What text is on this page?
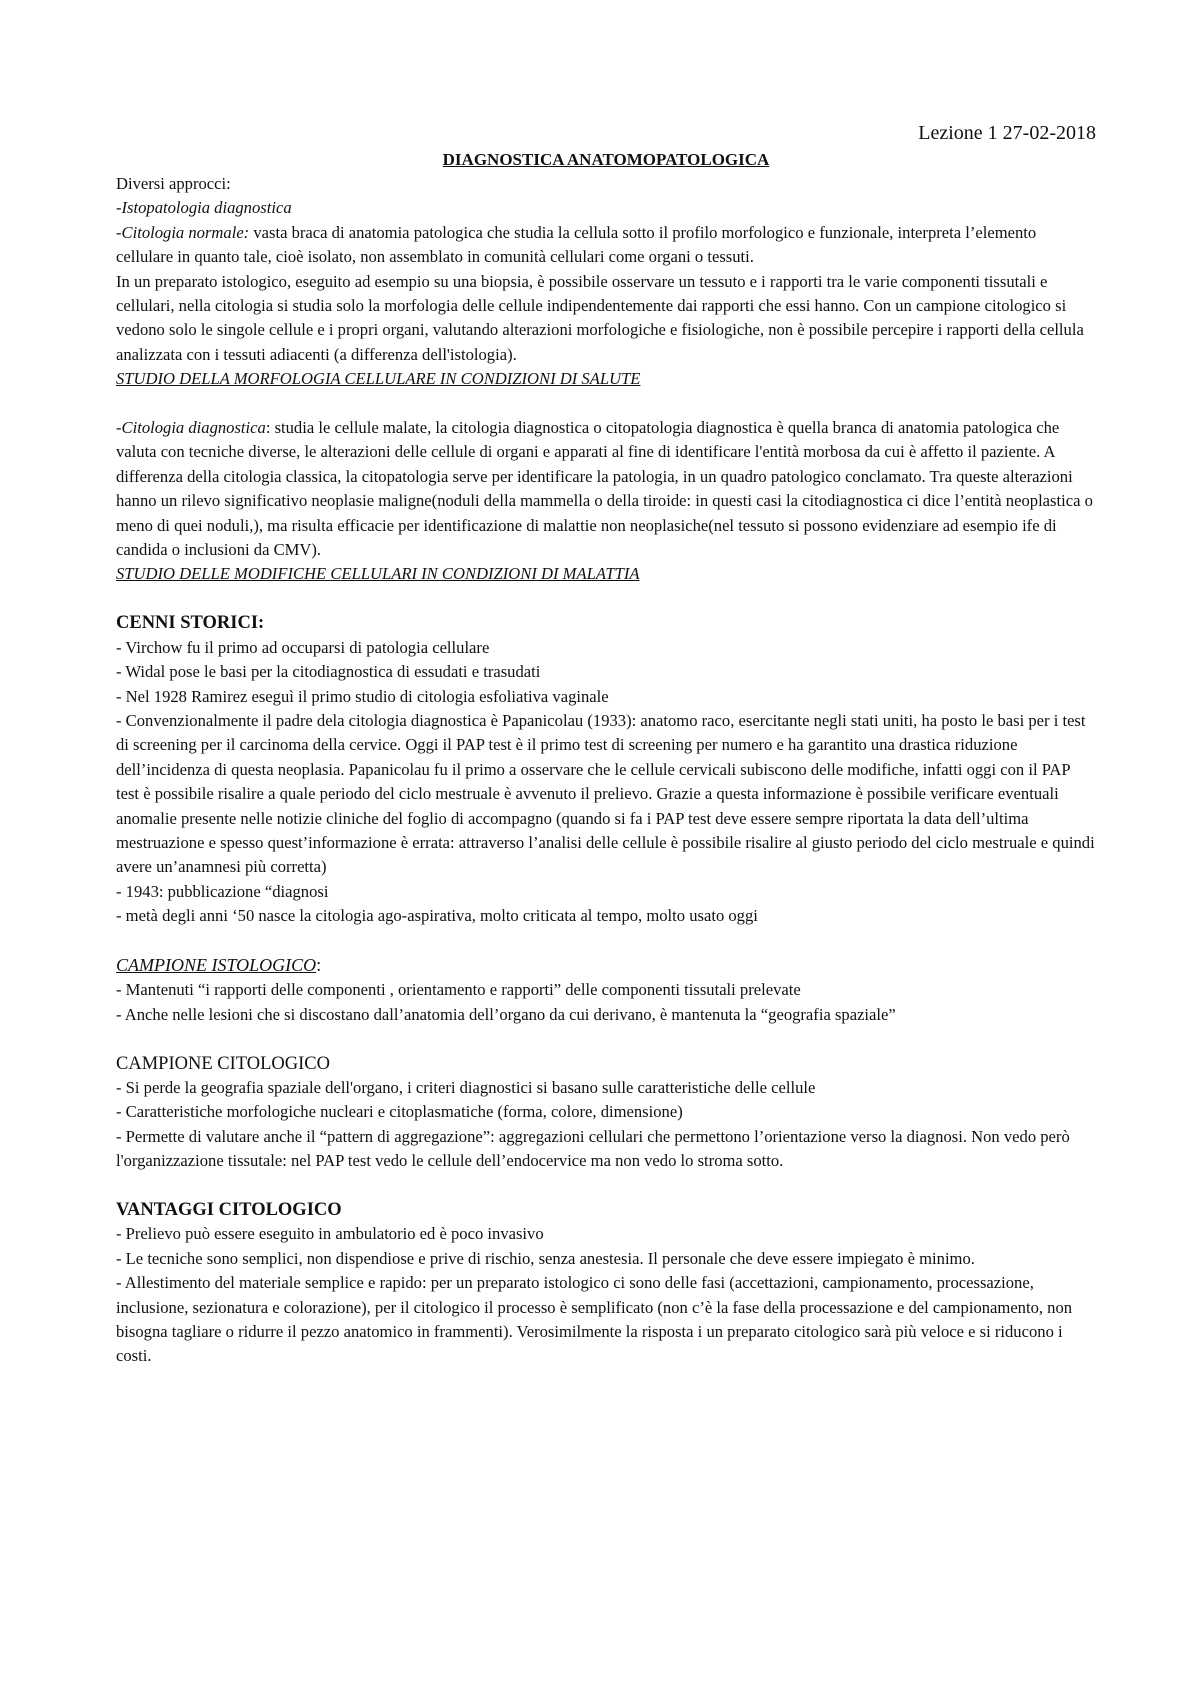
Lezione 1 27-02-2018
DIAGNOSTICA ANATOMOPATOLOGICA

Diversi approcci:

-Istopatologia diagnostica

-Citologia normale: vasta braca di anatomia patologica che studia la cellula sotto il profilo morfologico e funzionale, interpreta l’elemento cellulare in quanto tale, cioè isolato, non assemblato in comunità cellulari come organi o tessuti.

In un preparato istologico, eseguito ad esempio su una biopsia, è possibile osservare un tessuto e i rapporti tra le varie componenti tissutali e cellulari, nella citologia si studia solo la morfologia delle cellule indipendentemente dai rapporti che essi hanno. Con un campione citologico si vedono solo le singole cellule e i propri organi, valutando alterazioni morfologiche e fisiologiche, non è possibile percepire i rapporti della cellula analizzata con i tessuti adiacenti (a differenza dell'istologia).

STUDIO DELLA MORFOLOGIA CELLULARE IN CONDIZIONI DI SALUTE

-Citologia diagnostica: studia le cellule malate, la citologia diagnostica o citopatologia diagnostica è quella branca di anatomia patologica che valuta con tecniche diverse, le alterazioni delle cellule di organi e apparati al fine di identificare l'entità morbosa da cui è affetto il paziente. A differenza della citologia classica, la citopatologia serve per identificare la patologia, in un quadro patologico conclamato. Tra queste alterazioni hanno un rilevo significativo neoplasie maligne(noduli della mammella o della tiroide: in questi casi la citodiagnostica ci dice l’entità neoplastica o meno di quei noduli,), ma risulta efficacie per identificazione di malattie non neoplasiche(nel tessuto si possono evidenziare ad esempio ife di candida o inclusioni da CMV).

STUDIO DELLE MODIFICHE CELLULARI IN CONDIZIONI DI MALATTIA

CENNI STORICI:

- Virchow fu il primo ad occuparsi di patologia cellulare

- Widal pose le basi per la citodiagnostica di essudati e trasudati

- Nel 1928 Ramirez eseguì il primo studio di citologia esfoliativa vaginale

- Convenzionalmente il padre dela citologia diagnostica è Papanicolau (1933): anatomo raco, esercitante negli stati uniti, ha posto le basi per i test di screening per il carcinoma della cervice. Oggi il PAP test è il primo test di screening per numero e ha garantito una drastica riduzione dell’incidenza di questa neoplasia. Papanicolau fu il primo a osservare che le cellule cervicali subiscono delle modifiche, infatti oggi con il PAP test è possibile risalire a quale periodo del ciclo mestruale è avvenuto il prelievo. Grazie a questa informazione è possibile verificare eventuali anomalie presente nelle notizie cliniche del foglio di accompagno (quando si fa i PAP test deve essere sempre riportata la data dell’ultima mestruazione e spesso quest’informazione è errata: attraverso l’analisi delle cellule è possibile risalire al giusto periodo del ciclo mestruale e quindi avere un’anamnesi più corretta)

- 1943: pubblicazione “diagnosi

- metà degli anni ‘50 nasce la citologia ago-aspirativa, molto criticata al tempo, molto usato oggi

CAMPIONE ISTOLOGICO:

- Mantenuti “i rapporti delle componenti , orientamento e rapporti” delle componenti tissutali prelevate

- Anche nelle lesioni che si discostano dall’anatomia dell’organo da cui derivano, è mantenuta la “geografia spaziale”

CAMPIONE CITOLOGICO

- Si perde la geografia spaziale dell'organo, i criteri diagnostici si basano sulle caratteristiche delle cellule

- Caratteristiche morfologiche nucleari e citoplasmatiche (forma, colore, dimensione)

- Permette di valutare anche il “pattern di aggregazione”: aggregazioni cellulari che permettono l’orientazione verso la diagnosi. Non vedo però l'organizzazione tissutale: nel PAP test vedo le cellule dell’endocervice ma non vedo lo stroma sotto.

VANTAGGI CITOLOGICO

- Prelievo può essere eseguito in ambulatorio ed è poco invasivo

- Le tecniche sono semplici, non dispendiose e prive di rischio, senza anestesia. Il personale che deve essere impiegato è minimo.

- Allestimento del materiale semplice e rapido: per un preparato istologico ci sono delle fasi (accettazioni, campionamento, processazione, inclusione, sezionatura e colorazione), per il citologico il processo è semplificato (non c’è la fase della processazione e del campionamento, non bisogna tagliare o ridurre il pezzo anatomico in frammenti). Verosimilmente la risposta i un preparato citologico sarà più veloce e si riducono i costi.
